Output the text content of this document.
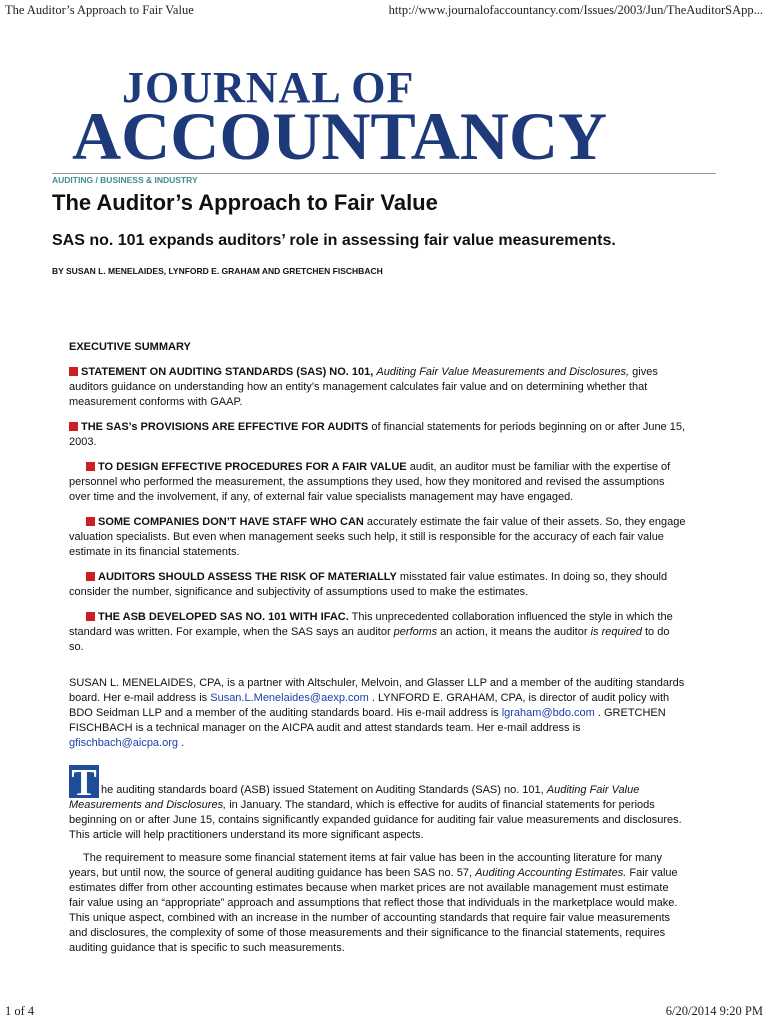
The Auditor’s Approach to Fair Value	http://www.journalofaccountancy.com/Issues/2003/Jun/TheAuditorSApp...
JOURNAL OF
ACCOUNTANCY
AUDITING / BUSINESS & INDUSTRY
The Auditor’s Approach to Fair Value
SAS no. 101 expands auditors’ role in assessing fair value measurements.
BY SUSAN L. MENELAIDES, LYNFORD E. GRAHAM AND GRETCHEN FISCHBACH
EXECUTIVE SUMMARY
STATEMENT ON AUDITING STANDARDS (SAS) NO. 101, Auditing Fair Value Measurements and Disclosures, gives auditors guidance on understanding how an entity’s management calculates fair value and on determining whether that measurement conforms with GAAP.
THE SAS’s PROVISIONS ARE EFFECTIVE FOR AUDITS of financial statements for periods beginning on or after June 15, 2003.
TO DESIGN EFFECTIVE PROCEDURES FOR A FAIR VALUE audit, an auditor must be familiar with the expertise of personnel who performed the measurement, the assumptions they used, how they monitored and revised the assumptions over time and the involvement, if any, of external fair value specialists management may have engaged.
SOME COMPANIES DON’T HAVE STAFF WHO CAN accurately estimate the fair value of their assets. So, they engage valuation specialists. But even when management seeks such help, it still is responsible for the accuracy of each fair value estimate in its financial statements.
AUDITORS SHOULD ASSESS THE RISK OF MATERIALLY misstated fair value estimates. In doing so, they should consider the number, significance and subjectivity of assumptions used to make the estimates.
THE ASB DEVELOPED SAS NO. 101 WITH IFAC. This unprecedented collaboration influenced the style in which the standard was written. For example, when the SAS says an auditor performs an action, it means the auditor is required to do so.
SUSAN L. MENELAIDES, CPA, is a partner with Altschuler, Melvoin, and Glasser LLP and a member of the auditing standards board. Her e-mail address is Susan.L.Menelaides@aexp.com . LYNFORD E. GRAHAM, CPA, is director of audit policy with BDO Seidman LLP and a member of the auditing standards board. His e-mail address is lgraham@bdo.com . GRETCHEN FISCHBACH is a technical manager on the AICPA audit and attest standards team. Her e-mail address is
gfischbach@aicpa.org .
T he auditing standards board (ASB) issued Statement on Auditing Standards (SAS) no. 101, Auditing Fair Value Measurements and Disclosures, in January. The standard, which is effective for audits of financial statements for periods beginning on or after June 15, contains significantly expanded guidance for auditing fair value measurements and disclosures. This article will help practitioners understand its more significant aspects.
The requirement to measure some financial statement items at fair value has been in the accounting literature for many years, but until now, the source of general auditing guidance has been SAS no. 57, Auditing Accounting Estimates. Fair value estimates differ from other accounting estimates because when market prices are not available management must estimate fair value using an “appropriate” approach and assumptions that reflect those that individuals in the marketplace would make. This unique aspect, combined with an increase in the number of accounting standards that require fair value measurements and disclosures, the complexity of some of those measurements and their significance to the financial statements, requires auditing guidance that is specific to such measurements.
1 of 4	6/20/2014 9:20 PM
